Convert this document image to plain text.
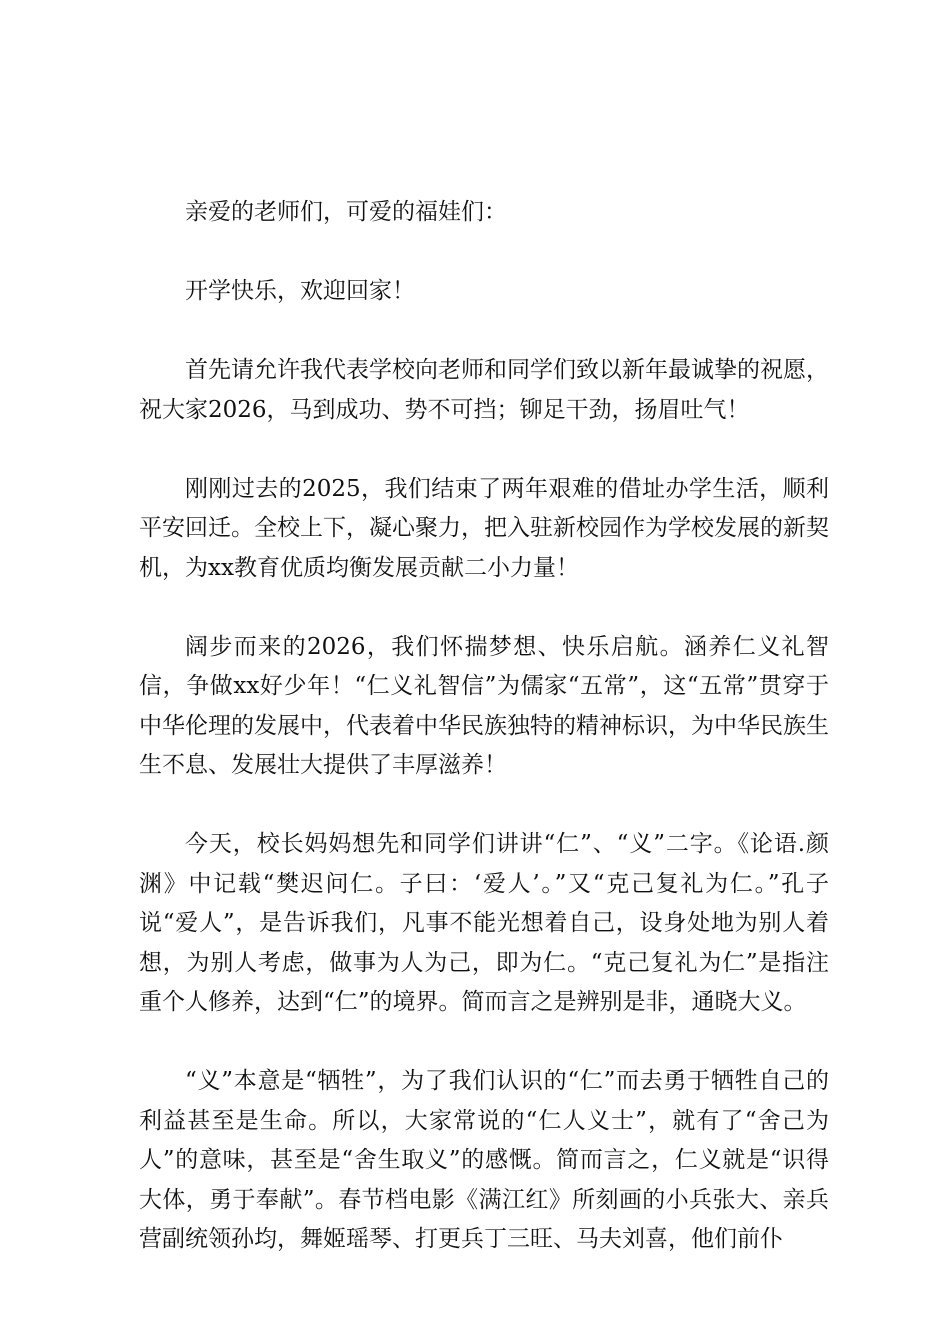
亲爱的老师们，可爱的福娃们：

开学快乐，欢迎回家！

首先请允许我代表学校向老师和同学们致以新年最诚挚的祝愿，祝大家2026，马到成功、势不可挡；铆足干劲，扬眉吐气！

刚刚过去的2025，我们结束了两年艰难的借址办学生活，顺利平安回迁。全校上下，凝心聚力，把入驻新校园作为学校发展的新契机，为xx教育优质均衡发展贡献二小力量！

阔步而来的2026，我们怀揣梦想、快乐启航。涵养仁义礼智信，争做xx好少年！“仁义礼智信”为儒家“五常”，这“五常”贯穿于中华伦理的发展中，代表着中华民族独特的精神标识，为中华民族生生不息、发展壮大提供了丰厚滋养！

今天，校长妈妈想先和同学们讲讲“仁”、“义”二字。《论语.颜渊》中记载“樊迟问仁。子曰：‘爱人’。”又“克己复礼为仁。”孔子说“爱人”，是告诉我们，凡事不能光想着自己，设身处地为别人着想，为别人考虑，做事为人为己，即为仁。“克己复礼为仁”是指注重个人修养，达到“仁”的境界。简而言之是辨别是非，通晓大义。

“义”本意是“牺牲”，为了我们认识的“仁”而去勇于牺牲自己的利益甚至是生命。所以，大家常说的“仁人义士”，就有了“舍己为人”的意味，甚至是“舍生取义”的感慨。简而言之，仁义就是“识得大体，勇于奉献”。春节档电影《满江红》所刻画的小兵张大、亲兵营副统领孙均，舞姬瑶琴、打更兵丁三旺、马夫刘喜，他们前仆
